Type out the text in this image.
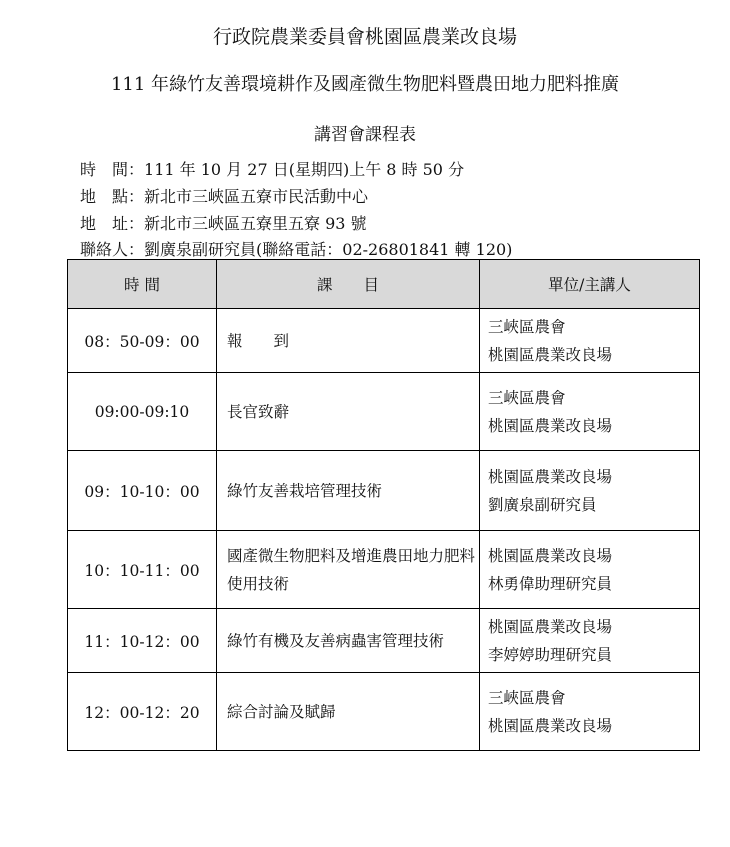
行政院農業委員會桃園區農業改良場
111 年綠竹友善環境耕作及國產微生物肥料暨農田地力肥料推廣
講習會課程表
時　間：111 年 10 月 27 日(星期四)上午 8 時 50 分
地　點：新北市三峽區五寮市民活動中心
地　址：新北市三峽區五寮里五寮 93 號
聯絡人：劉廣泉副研究員(聯絡電話：02-26801841 轉 120)
時 間	課　　目	單位/主講人
08：50-09：00	報　　到	三峽區農會
桃園區農業改良場

09:00-09:10	長官致辭	三峽區農會
桃園區農業改良場

09：10-10：00	綠竹友善栽培管理技術	桃園區農業改良場
劉廣泉副研究員

10：10-11：00	國產微生物肥料及增進農田地力肥料使用技術	桃園區農業改良場
林勇偉助理研究員

11：10-12：00	綠竹有機及友善病蟲害管理技術	桃園區農業改良場
李婷婷助理研究員

12：00-12：20	綜合討論及賦歸	三峽區農會
桃園區農業改良場
